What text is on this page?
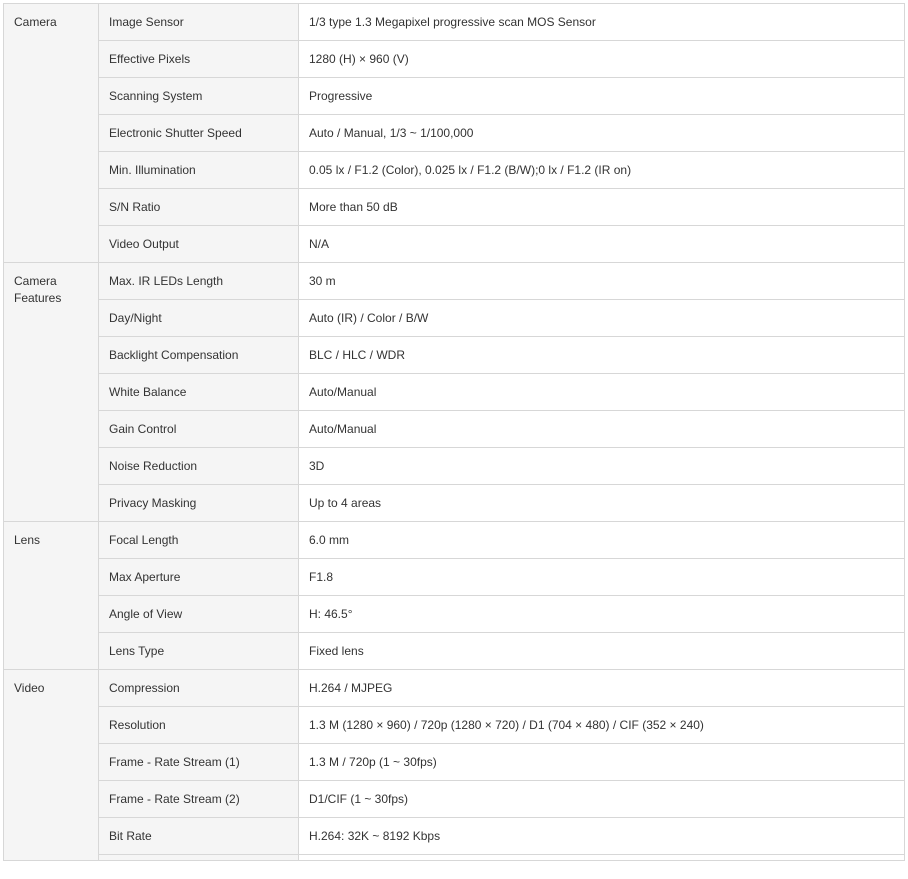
Camera	Image Sensor	1/3 type 1.3 Megapixel progressive scan MOS Sensor
	Effective Pixels	1280 (H) × 960 (V)
	Scanning System	Progressive
	Electronic Shutter Speed	Auto / Manual, 1/3 ~ 1/100,000
	Min. Illumination	0.05 lx / F1.2 (Color), 0.025 lx / F1.2 (B/W);0 lx / F1.2 (IR on)
	S/N Ratio	More than 50 dB
	Video Output	N/A
Camera Features	Max. IR LEDs Length	30 m
	Day/Night	Auto (IR) / Color / B/W
	Backlight Compensation	BLC / HLC / WDR
	White Balance	Auto/Manual
	Gain Control	Auto/Manual
	Noise Reduction	3D
	Privacy Masking	Up to 4 areas
Lens	Focal Length	6.0 mm
	Max Aperture	F1.8
	Angle of View	H: 46.5°
	Lens Type	Fixed lens
Video	Compression	H.264 / MJPEG
	Resolution	1.3 M (1280 × 960) / 720p (1280 × 720) / D1 (704 × 480) / CIF (352 × 240)
	Frame - Rate Stream (1)	1.3 M / 720p (1 ~ 30fps)
	Frame - Rate Stream (2)	D1/CIF (1 ~ 30fps)
	Bit Rate	H.264: 32K ~ 8192 Kbps
